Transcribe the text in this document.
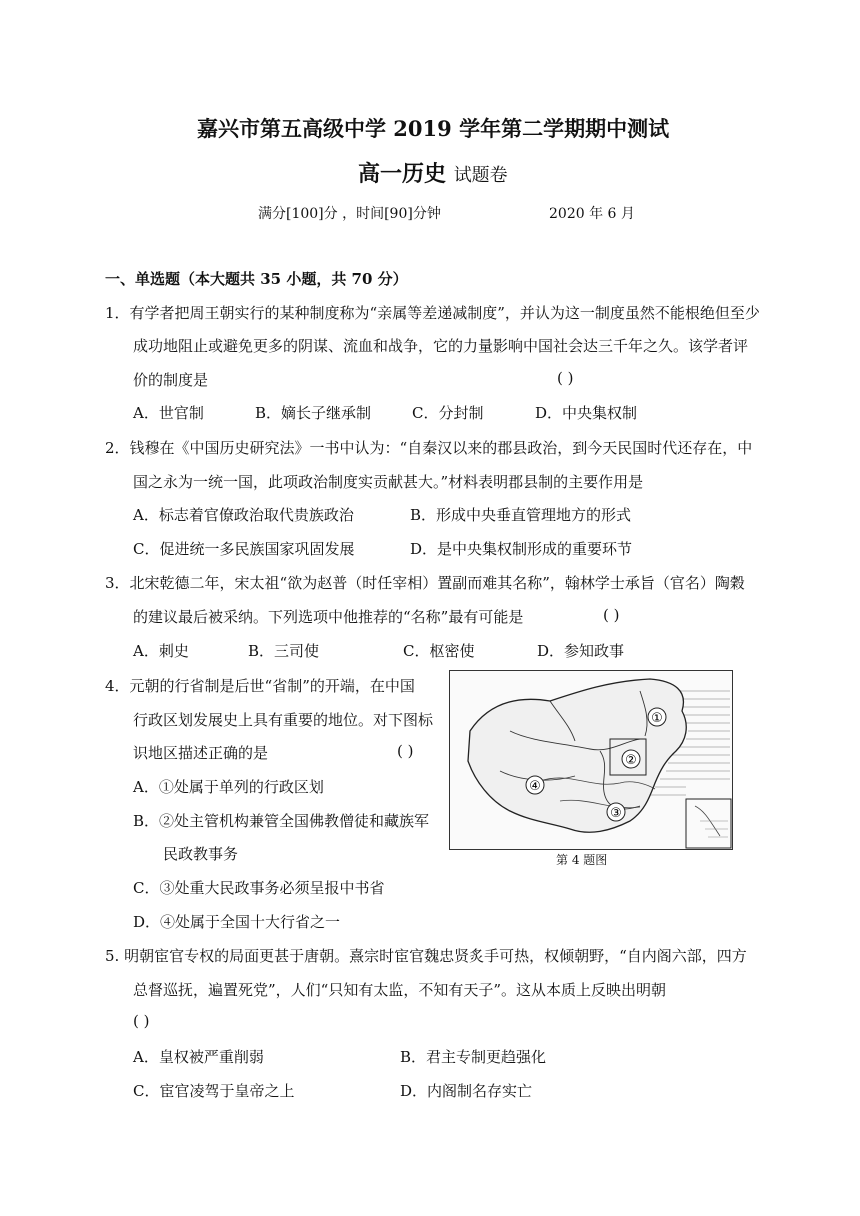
嘉兴市第五高级中学 2019 学年第二学期期中测试
高一历史 试题卷
满分[100]分 ，时间[90]分钟	2020 年 6 月
一、单选题（本大题共 35 小题，共 70 分）
1．有学者把周王朝实行的某种制度称为“亲属等差递减制度”，并认为这一制度虽然不能根绝但至少
成功地阻止或避免更多的阴谋、流血和战争，它的力量影响中国社会达三千年之久。该学者评
价的制度是	( )
A．世官制	B．嫡长子继承制	C．分封制	D．中央集权制
2．钱穆在《中国历史研究法》一书中认为：“自秦汉以来的郡县政治，到今天民国时代还存在，中
国之永为一统一国，此项政治制度实贡献甚大。”材料表明郡县制的主要作用是
A．标志着官僚政治取代贵族政治	B．形成中央垂直管理地方的形式
C．促进统一多民族国家巩固发展	D．是中央集权制形成的重要环节
3．北宋乾德二年，宋太祖“欲为赵普（时任宰相）置副而难其名称”，翰林学士承旨（官名）陶穀
的建议最后被采纳。下列选项中他推荐的“名称”最有可能是	( )
A．刺史	B．三司使	C．枢密使	D．参知政事
4．元朝的行省制是后世“省制”的开端，在中国
行政区划发展史上具有重要的地位。对下图标
识地区描述正确的是	( )
A．①处属于单列的行政区划
B．②处主管机构兼管全国佛教僧徒和藏族军
民政教事务
C．③处重大民政事务必须呈报中书省
D．④处属于全国十大行省之一
①
②
③
④
第 4 题图
5. 明朝宦官专权的局面更甚于唐朝。熹宗时宦官魏忠贤炙手可热，权倾朝野，“自内阁六部，四方
总督巡抚，遍置死党”，人们“只知有太监，不知有天子”。这从本质上反映出明朝
( )
A．皇权被严重削弱	B．君主专制更趋强化
C．宦官凌驾于皇帝之上	D．内阁制名存实亡
